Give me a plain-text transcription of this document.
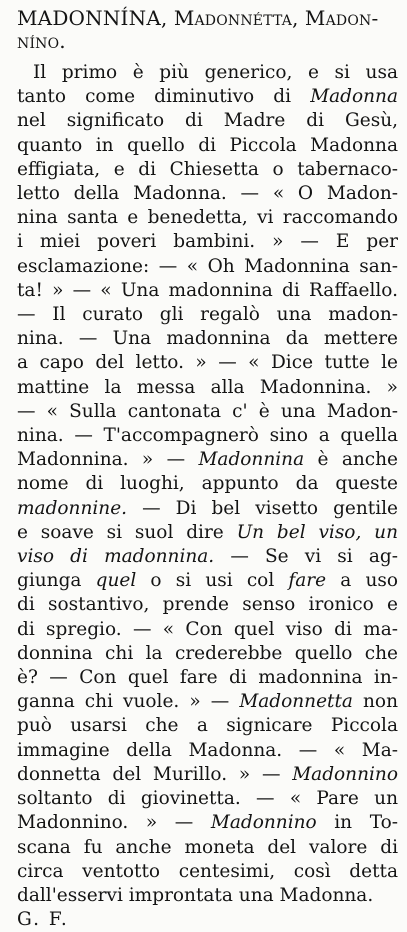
MADONNÍNA, Madonnétta, Madon-
níno.
Il primo è più generico, e si usa
tanto come diminutivo di Madonna
nel significato di Madre di Gesù,
quanto in quello di Piccola Madonna
effigiata, e di Chiesetta o tabernaco-
letto della Madonna. — « O Madon-
nina santa e benedetta, vi raccomando
i miei poveri bambini. » — E per
esclamazione: — « Oh Madonnina san-
ta! » — « Una madonnina di Raffaello.
— Il curato gli regalò una madon-
nina. — Una madonnina da mettere
a capo del letto. » — « Dice tutte le
mattine la messa alla Madonnina. »
— « Sulla cantonata c' è una Madon-
nina. — T'accompagnerò sino a quella
Madonnina. » — Madonnina è anche
nome di luoghi, appunto da queste
madonnine. — Di bel visetto gentile
e soave si suol dire Un bel viso, un
viso di madonnina. — Se vi si ag-
giunga quel o si usi col fare a uso
di sostantivo, prende senso ironico e
di spregio. — « Con quel viso di ma-
donnina chi la crederebbe quello che
è? — Con quel fare di madonnina in-
ganna chi vuole. » — Madonnetta non
può usarsi che a signicare Piccola
immagine della Madonna. — « Ma-
donnetta del Murillo. » — Madonnino
soltanto di giovinetta. — « Pare un
Madonnino. » — Madonnino in To-
scana fu anche moneta del valore di
circa ventotto centesimi, così detta
dall'esservi improntata una Madonna.
G. F.
